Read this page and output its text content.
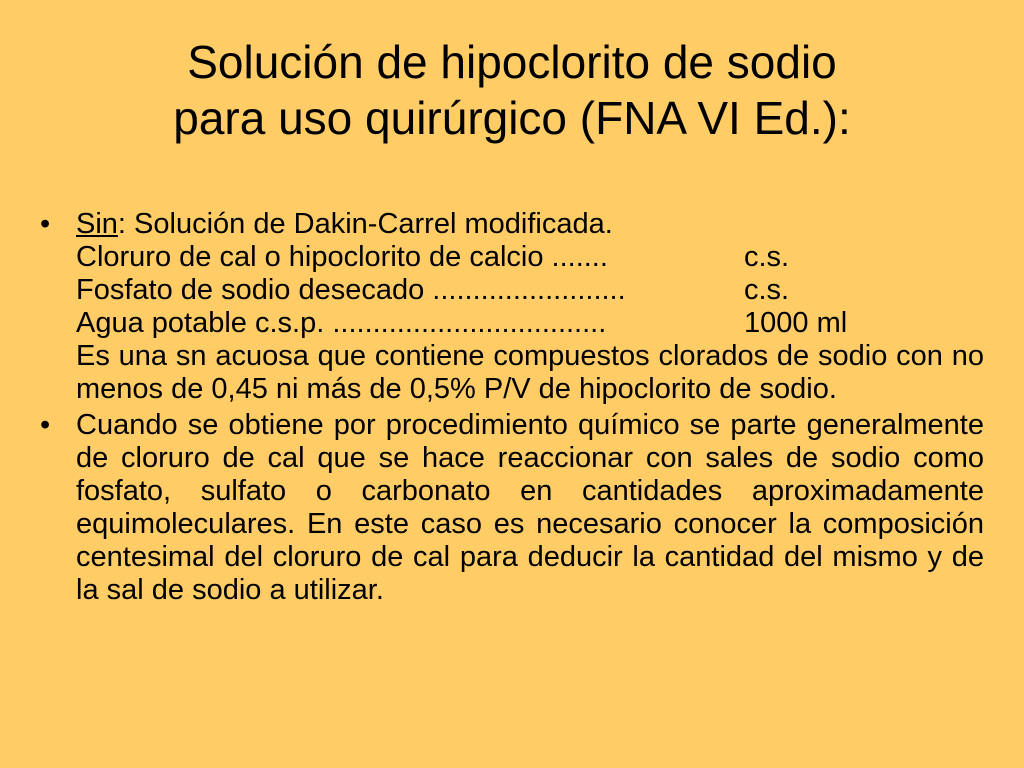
Solución de hipoclorito de sodio
para uso quirúrgico (FNA VI Ed.):
• Sin: Solución de Dakin-Carrel modificada.
Cloruro de cal o hipoclorito de calcio .......	c.s.
Fosfato de sodio desecado ........................	c.s.
Agua potable c.s.p. ..................................	1000 ml
Es una sn acuosa que contiene compuestos clorados de sodio con no menos de 0,45 ni más de 0,5% P/V de hipoclorito de sodio.
• Cuando se obtiene por procedimiento químico se parte generalmente de cloruro de cal que se hace reaccionar con sales de sodio como fosfato, sulfato o carbonato en cantidades aproximadamente equimoleculares. En este caso es necesario conocer la composición centesimal del cloruro de cal para deducir la cantidad del mismo y de la sal de sodio a utilizar.
